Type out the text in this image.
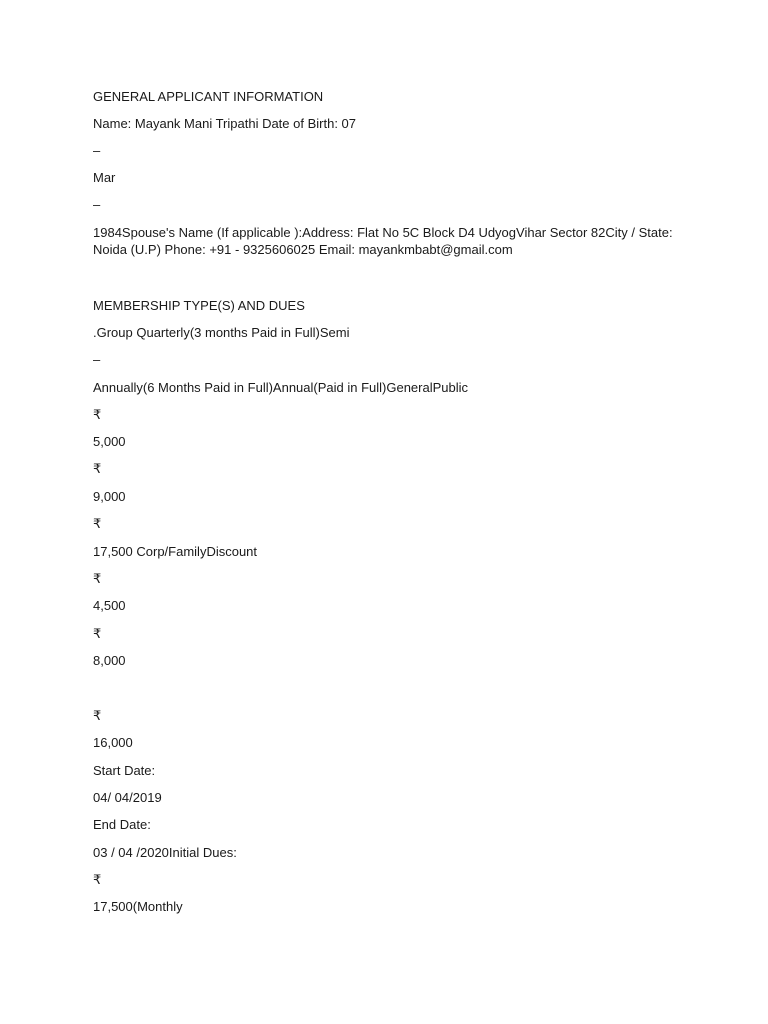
GENERAL APPLICANT INFORMATION
Name: Mayank Mani Tripathi Date of Birth: 07
–
Mar
–
1984Spouse's Name (If applicable ):Address: Flat No 5C Block D4 UdyogVihar Sector 82City / State: Noida (U.P) Phone: +91 - 9325606025 Email: mayankmbabt@gmail.com
MEMBERSHIP TYPE(S) AND DUES
.Group Quarterly(3 months Paid in Full)Semi
–
Annually(6 Months Paid in Full)Annual(Paid in Full)GeneralPublic
₹
5,000
₹
9,000
₹
17,500 Corp/FamilyDiscount
₹
4,500
₹
8,000
₹
16,000
Start Date:
04/ 04/2019
End Date:
03 / 04 /2020Initial Dues:
₹
17,500(Monthly
